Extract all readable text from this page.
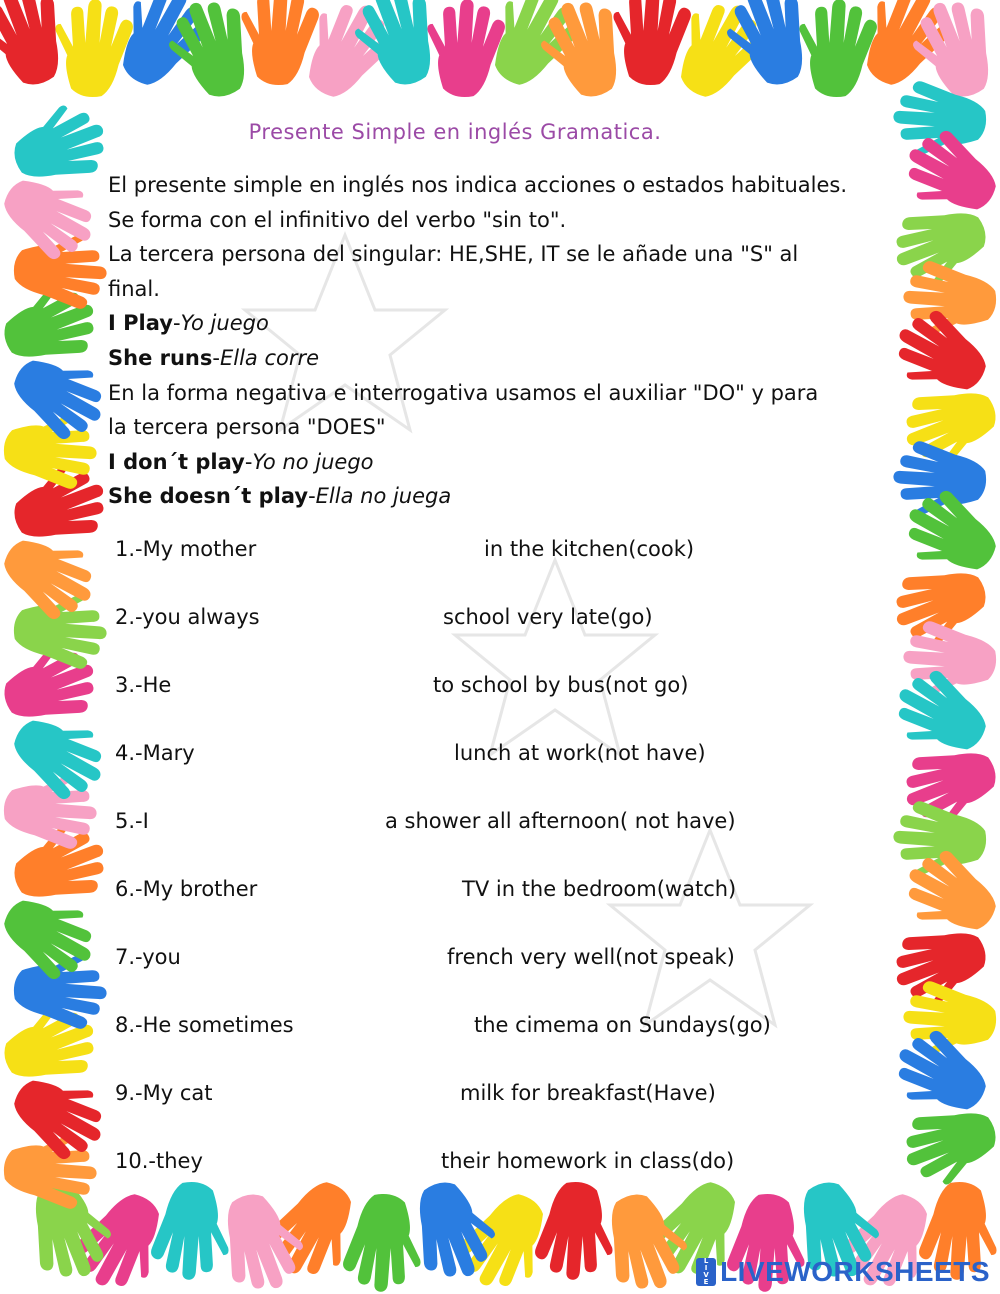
Presente Simple en inglés Gramatica.

El presente simple en inglés nos indica acciones o estados habituales.

Se forma con el infinitivo del verbo "sin to".

La tercera persona del singular: HE,SHE, IT se le añade una "S" al

final.

I Play-Yo juego

She runs-Ella corre

En la forma negativa e interrogativa usamos el auxiliar "DO" y para

la tercera persona "DOES"

I don´t play-Yo no juego

She doesn´t play-Ella no juega

1.-My mother	in the kitchen(cook)
2.-you always	school very late(go)
3.-He	to school by bus(not go)
4.-Mary	lunch at work(not have)
5.-I	a shower all afternoon( not have)
6.-My brother	TV in the bedroom(watch)
7.-you	french very well(not speak)
8.-He sometimes	the cimema on Sundays(go)
9.-My cat	milk for breakfast(Have)
10.-they	their homework in class(do)
L
I
V
E LIVEWORKSHEETS
